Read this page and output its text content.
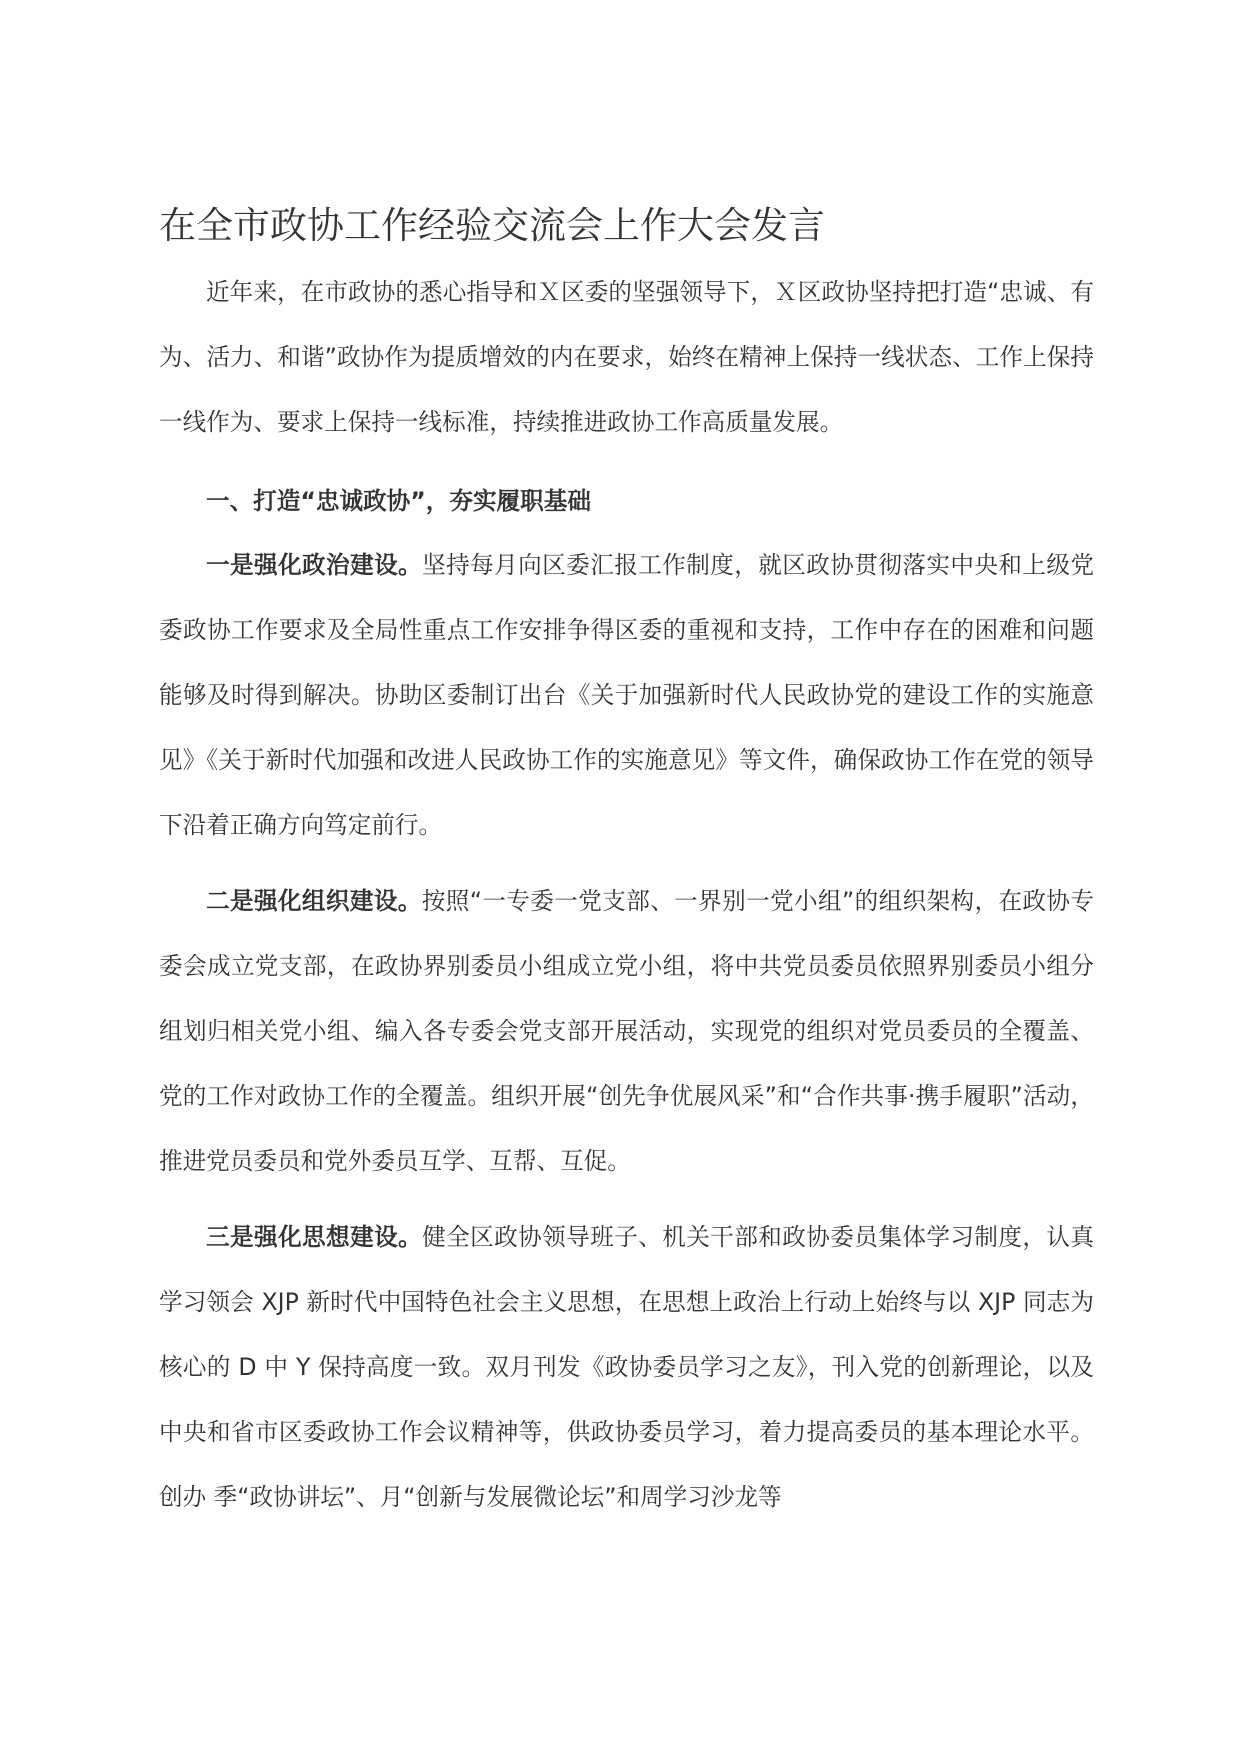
在全市政协工作经验交流会上作大会发言

近年来，在市政协的悉心指导和Ｘ区委的坚强领导下，Ｘ区政协坚持把打造“忠诚、有为、活力、和谐”政协作为提质增效的内在要求，始终在精神上保持一线状态、工作上保持一线作为、要求上保持一线标准，持续推进政协工作高质量发展。

一、打造“忠诚政协”，夯实履职基础

一是强化政治建设。坚持每月向区委汇报工作制度，就区政协贯彻落实中央和上级党委政协工作要求及全局性重点工作安排争得区委的重视和支持，工作中存在的困难和问题能够及时得到解决。协助区委制订出台《关于加强新时代人民政协党的建设工作的实施意见》《关于新时代加强和改进人民政协工作的实施意见》等文件，确保政协工作在党的领导下沿着正确方向笃定前行。

二是强化组织建设。按照“一专委一党支部、一界别一党小组”的组织架构，在政协专委会成立党支部，在政协界别委员小组成立党小组，将中共党员委员依照界别委员小组分组划归相关党小组、编入各专委会党支部开展活动，实现党的组织对党员委员的全覆盖、党的工作对政协工作的全覆盖。组织开展“创先争优展风采”和“合作共事·携手履职”活动，推进党员委员和党外委员互学、互帮、互促。

三是强化思想建设。健全区政协领导班子、机关干部和政协委员集体学习制度，认真学习领会 XJP 新时代中国特色社会主义思想，在思想上政治上行动上始终与以 XJP 同志为核心的 D 中 Y 保持高度一致。双月刊发《政协委员学习之友》，刊入党的创新理论，以及中央和省市区委政协工作会议精神等，供政协委员学习，着力提高委员的基本理论水平。创办 季“政协讲坛”、月“创新与发展微论坛”和周学习沙龙等
